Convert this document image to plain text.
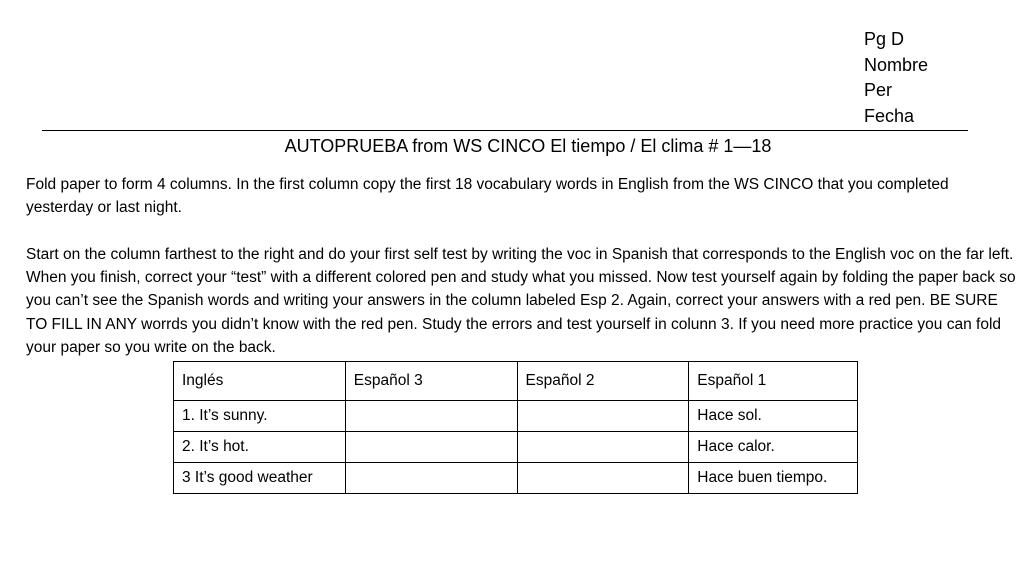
Pg D
Nombre
Per
Fecha
AUTOPRUEBA from WS CINCO El tiempo / El clima # 1—18

Fold paper to form 4 columns. In the first column copy the first 18 vocabulary words in English from the WS CINCO that you completed yesterday or last night.

Start on the column farthest to the right and do your first self test by writing the voc in Spanish that corresponds to the English voc on the far left. When you finish, correct your “test” with a different colored pen and study what you missed. Now test yourself again by folding the paper back so you can’t see the Spanish words and writing your answers in the column labeled Esp 2. Again, correct your answers with a red pen. BE SURE TO FILL IN ANY worrds you didn’t know with the red pen. Study the errors and test yourself in colunn 3. If you need more practice you can fold your paper so you write on the back.

Inglés	Español 3	Español 2	Español 1
1. It’s sunny.			Hace sol.
2. It’s hot.			Hace calor.
3 It’s good weather			Hace buen tiempo.
